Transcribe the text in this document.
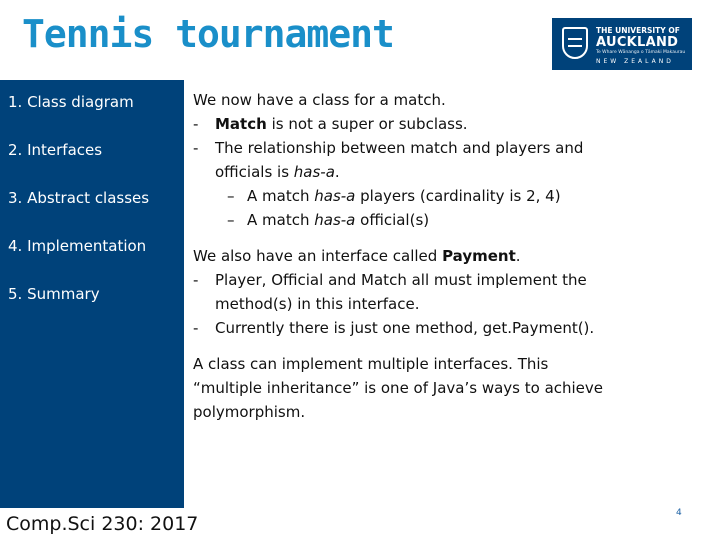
Tennis tournament	THE UNIVERSITY OF
AUCKLAND
Te Whare Wānanga o Tāmaki Makaurau
NEW ZEALAND
1. Class diagram
2. Interfaces
3. Abstract classes
4. Implementation
5. Summary
We now have a class for a match.
- Match is not a super or subclass.
- The relationship between match and players and
officials is has-a.
– A match has-a players (cardinality is 2, 4)
– A match has-a official(s)
We also have an interface called Payment.
- Player, Official and Match all must implement the
method(s) in this interface.
- Currently there is just one method, get.Payment().
A class can implement multiple interfaces. This
“multiple inheritance” is one of Java’s ways to achieve
polymorphism.
Comp.Sci 230: 2017	4
